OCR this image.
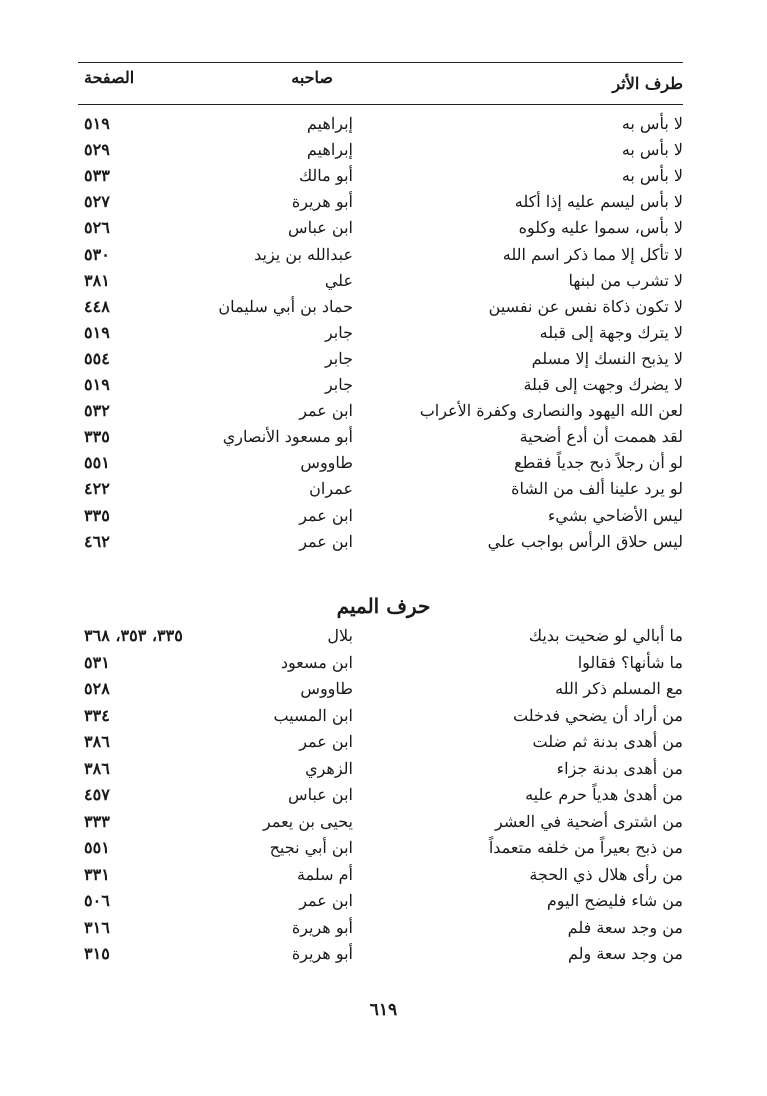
طرف الأثر
صاحبه
الصفحة
لا بأس به
إبراهيم
٥١٩
لا بأس به
إبراهيم
٥٢٩
لا بأس به
أبو مالك
٥٣٣
لا بأس ليسم عليه إذا أكله
أبو هريرة
٥٢٧
لا بأس، سموا عليه وكلوه
ابن عباس
٥٢٦
لا تأكل إلا مما ذكر اسم الله
عبدالله بن يزيد
٥٣٠
لا تشرب من لبنها
علي
٣٨١
لا تكون ذكاة نفس عن نفسين
حماد بن أبي سليمان
٤٤٨
لا يترك وجهة إلى قبله
جابر
٥١٩
لا يذبح النسك إلا مسلم
جابر
٥٥٤
لا يضرك وجهت إلى قبلة
جابر
٥١٩
لعن الله اليهود والنصارى وكفرة الأعراب
ابن عمر
٥٣٢
لقد هممت أن أدع أضحية
أبو مسعود الأنصاري
٣٣٥
لو أن رجلاً ذبح جدياً فقطع
طاووس
٥٥١
لو يرد علينا ألف من الشاة
عمران
٤٢٢
ليس الأضاحي بشيء
ابن عمر
٣٣٥
ليس حلاق الرأس بواجب علي
ابن عمر
٤٦٢
حرف الميم
ما أبالي لو ضحيت بديك
بلال
٣٣٥، ٣٥٣، ٣٦٨
ما شأنها؟ فقالوا
ابن مسعود
٥٣١
مع المسلم ذكر الله
طاووس
٥٢٨
من أراد أن يضحي فدخلت
ابن المسيب
٣٣٤
من أهدى بدنة ثم ضلت
ابن عمر
٣٨٦
من أهدى بدنة جزاء
الزهري
٣٨٦
من أهدىٰ هدياً حرم عليه
ابن عباس
٤٥٧
من اشترى أضحية في العشر
يحيى بن يعمر
٣٣٣
من ذبح بعيراً من خلفه متعمداً
ابن أبي نجيح
٥٥١
من رأى هلال ذي الحجة
أم سلمة
٣٣١
من شاء فليضح اليوم
ابن عمر
٥٠٦
من وجد سعة فلم
أبو هريرة
٣١٦
من وجد سعة ولم
أبو هريرة
٣١٥
٦١٩
